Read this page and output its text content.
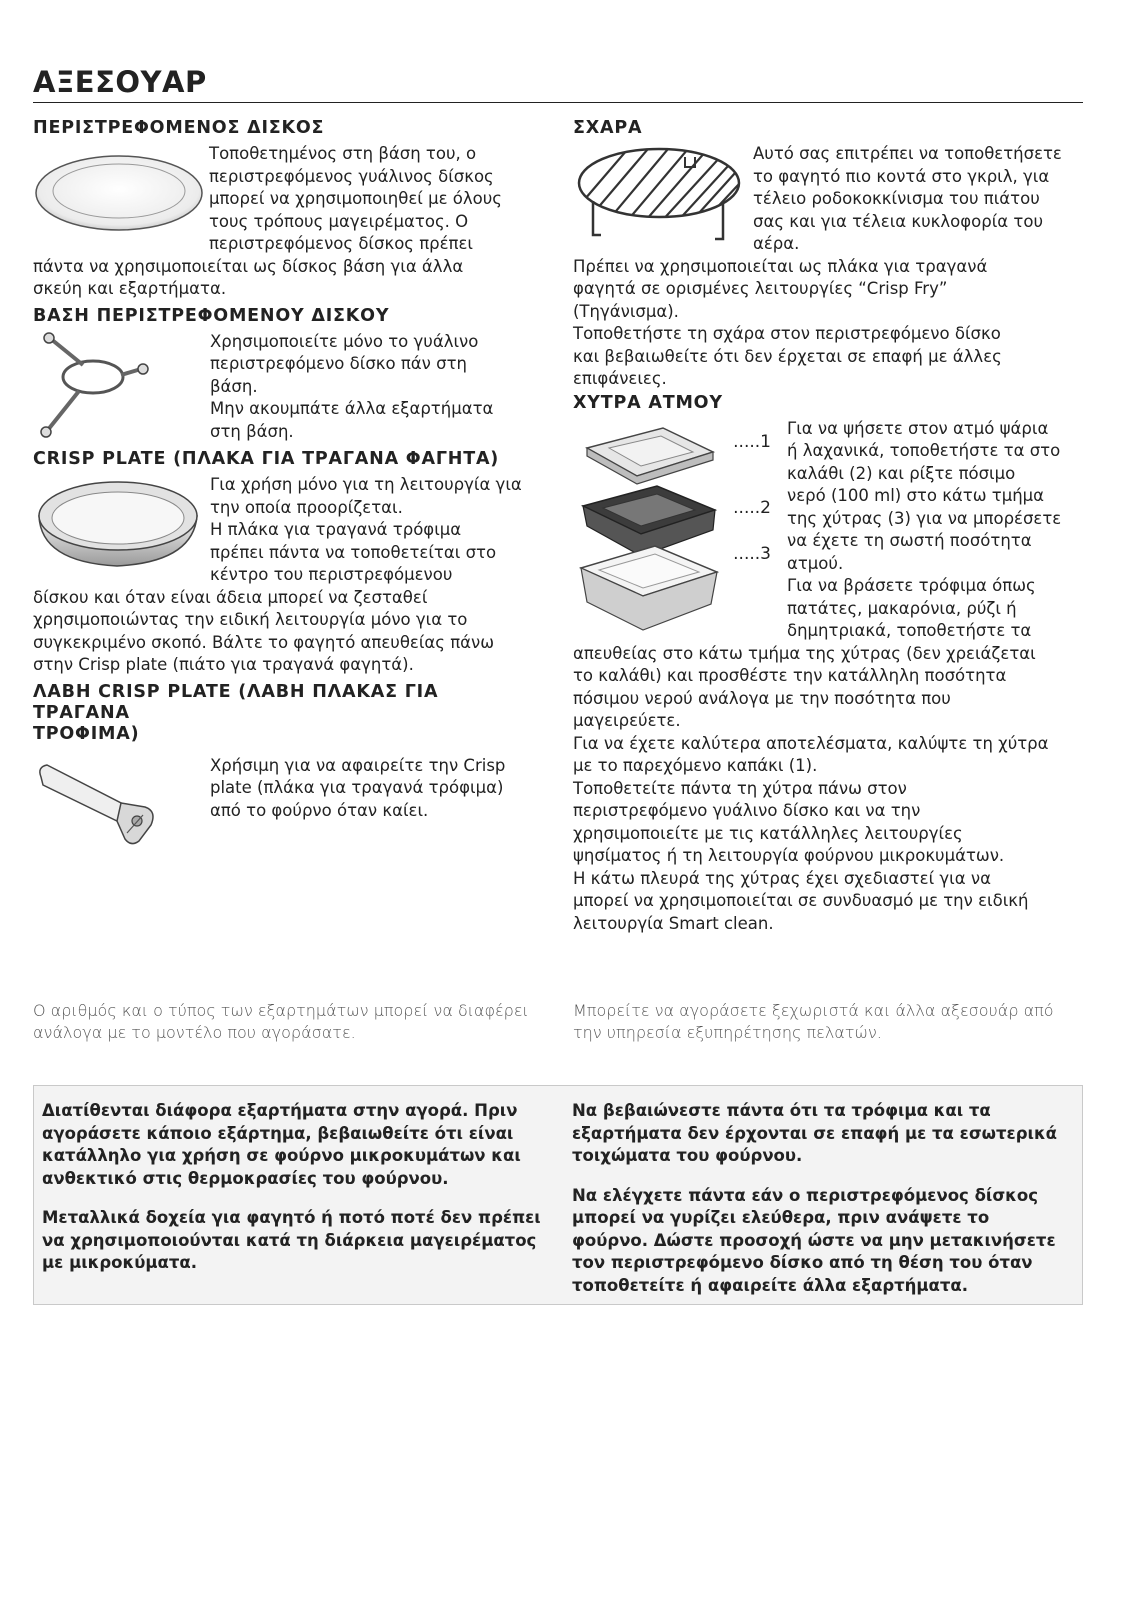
ΑΞΕΣΟΥΑΡ
ΠΕΡΙΣΤΡΕΦΟΜΕΝΟΣ ΔΙΣΚΟΣ

Τοποθετημένος στη βάση του, ο

περιστρεφόμενος γυάλινος δίσκος

μπορεί να χρησιμοποιηθεί με όλους

τους τρόπους μαγειρέματος. Ο

περιστρεφόμενος δίσκος πρέπει

πάντα να χρησιμοποιείται ως δίσκος βάση για άλλα

σκεύη και εξαρτήματα.

ΒΑΣΗ ΠΕΡΙΣΤΡΕΦΟΜΕΝΟΥ ΔΙΣΚΟΥ

Χρησιμοποιείτε μόνο το γυάλινο

περιστρεφόμενο δίσκο πάν στη

βάση.

Μην ακουμπάτε άλλα εξαρτήματα

στη βάση.

CRISP PLATE (ΠΛΑΚΑ ΓΙΑ ΤΡΑΓΑΝΑ ΦΑΓΗΤΑ)

Για χρήση μόνο για τη λειτουργία για

την οποία προορίζεται.

Η πλάκα για τραγανά τρόφιμα

πρέπει πάντα να τοποθετείται στο

κέντρο του περιστρεφόμενου

δίσκου και όταν είναι άδεια μπορεί να ζεσταθεί

χρησιμοποιώντας την ειδική λειτουργία μόνο για το

συγκεκριμένο σκοπό. Βάλτε το φαγητό απευθείας πάνω

στην Crisp plate (πιάτο για τραγανά φαγητά).

ΛΑΒΗ CRISP PLATE (ΛΑΒΗ ΠΛΑΚΑΣ ΓΙΑ ΤΡΑΓΑΝΑ
ΤΡΟΦΙΜΑ)

Χρήσιμη για να αφαιρείτε την Crisp

plate (πλάκα για τραγανά τρόφιμα)

από το φούρνο όταν καίει.

ΣΧΑΡΑ

Αυτό σας επιτρέπει να τοποθετήσετε

το φαγητό πιο κοντά στο γκριλ, για

τέλειο ροδοκοκκίνισμα του πιάτου

σας και για τέλεια κυκλοφορία του

αέρα.

Πρέπει να χρησιμοποιείται ως πλάκα για τραγανά

φαγητά σε ορισμένες λειτουργίες “Crisp Fry”

(Τηγάνισμα).

Τοποθετήστε τη σχάρα στον περιστρεφόμενο δίσκο

και βεβαιωθείτε ότι δεν έρχεται σε επαφή με άλλες

επιφάνειες.

ΧΥΤΡΑ ΑΤΜΟΥ
.....1
.....2
.....3

Για να ψήσετε στον ατμό ψάρια

ή λαχανικά, τοποθετήστε τα στο

καλάθι (2) και ρίξτε πόσιμο

νερό (100 ml) στο κάτω τμήμα

της χύτρας (3) για να μπορέσετε

να έχετε τη σωστή ποσότητα

ατμού.

Για να βράσετε τρόφιμα όπως

πατάτες, μακαρόνια, ρύζι ή

δημητριακά, τοποθετήστε τα

απευθείας στο κάτω τμήμα της χύτρας (δεν χρειάζεται

το καλάθι) και προσθέστε την κατάλληλη ποσότητα

πόσιμου νερού ανάλογα με την ποσότητα που

μαγειρεύετε.

Για να έχετε καλύτερα αποτελέσματα, καλύψτε τη χύτρα

με το παρεχόμενο καπάκι (1).

Τοποθετείτε πάντα τη χύτρα πάνω στον

περιστρεφόμενο γυάλινο δίσκο και να την

χρησιμοποιείτε με τις κατάλληλες λειτουργίες

ψησίματος ή τη λειτουργία φούρνου μικροκυμάτων.

Η κάτω πλευρά της χύτρας έχει σχεδιαστεί για να

μπορεί να χρησιμοποιείται σε συνδυασμό με την ειδική

λειτουργία Smart clean.

Ο αριθμός και ο τύπος των εξαρτημάτων μπορεί να διαφέρει
ανάλογα με το μοντέλο που αγοράσατε.
Μπορείτε να αγοράσετε ξεχωριστά και άλλα αξεσουάρ από
την υπηρεσία εξυπηρέτησης πελατών.

Διατίθενται διάφορα εξαρτήματα στην αγορά. Πριν
αγοράσετε κάποιο εξάρτημα, βεβαιωθείτε ότι είναι
κατάλληλο για χρήση σε φούρνο μικροκυμάτων και
ανθεκτικό στις θερμοκρασίες του φούρνου.

Μεταλλικά δοχεία για φαγητό ή ποτό ποτέ δεν πρέπει
να χρησιμοποιούνται κατά τη διάρκεια μαγειρέματος
με μικροκύματα.

Να βεβαιώνεστε πάντα ότι τα τρόφιμα και τα
εξαρτήματα δεν έρχονται σε επαφή με τα εσωτερικά
τοιχώματα του φούρνου.

Να ελέγχετε πάντα εάν ο περιστρεφόμενος δίσκος
μπορεί να γυρίζει ελεύθερα, πριν ανάψετε το
φούρνο. Δώστε προσοχή ώστε να μην μετακινήσετε
τον περιστρεφόμενο δίσκο από τη θέση του όταν
τοποθετείτε ή αφαιρείτε άλλα εξαρτήματα.
